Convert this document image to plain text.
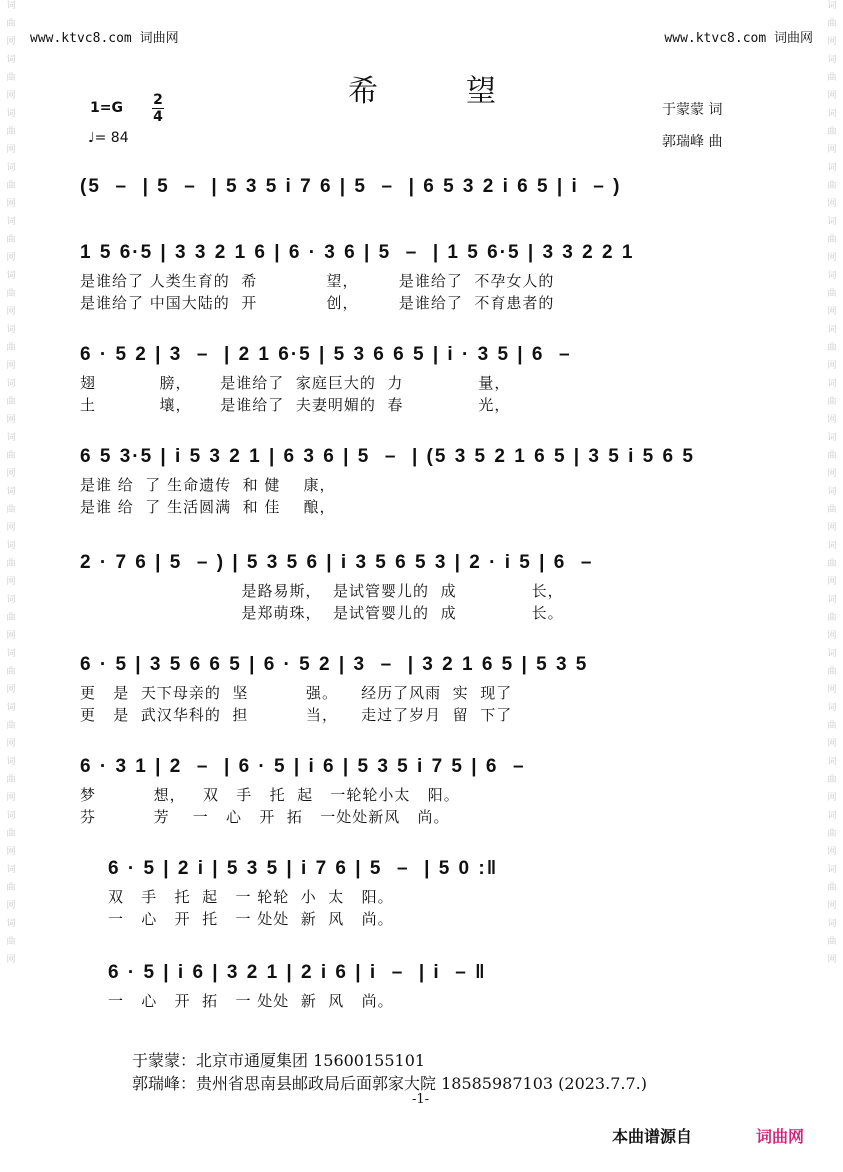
词
曲
网
词
曲
网
词
曲
网
词
曲
网
词
曲
网
词
曲
网
词
曲
网
词
曲
网
词
曲
网
词
曲
网
词
曲
网
词
曲
网
词
曲
网
词
曲
网
词
曲
网
词
曲
网
词
曲
网
词
曲
网
词
曲
网
词
曲
网
词
曲
网
词
曲
网
词
曲
网
词
曲
网
词
曲
网
词
曲
网
词
曲
网
词
曲
网
词
曲
网
词
曲
网
词
曲
网
词
曲
网
词
曲
网
词
曲
网
词
曲
网
词
曲
网
www.ktvc8.com 词曲网	www.ktvc8.com 词曲网
希望
1=G 2
4
♩= 84
于蒙蒙 词
郭瑞峰 曲
(5  –  | 5  –  | 5 3 5 i 7 6 | 5  –  | 6 5 3 2 i 6 5 | i  – )
1 5 6·5 | 3 3 2 1 6 | 6 · 3 6 | 5  –  | 1 5 6·5 | 3 3 2 2 1
是谁给了 人类生育的  希            望，       是谁给了  不孕女人的
是谁给了 中国大陆的  开            创，       是谁给了  不育患者的
6 · 5 2 | 3  –  | 2 1 6·5 | 5 3 6 6 5 | i · 3 5 | 6  –
翅           膀，     是谁给了  家庭巨大的  力             量，
土           壤，     是谁给了  夫妻明媚的  春             光，
6 5 3·5 | i 5 3 2 1 | 6 3 6 | 5  –  | (5 3 5 2 1 6 5 | 3 5 i 5 6 5
是谁 给  了 生命遗传  和 健    康，
是谁 给  了 生活圆满  和 佳    酿，
2 · 7 6 | 5  – ) | 5 3 5 6 | i 3 5 6 5 3 | 2 · i 5 | 6  –
是路易斯，  是试管婴儿的  成             长，
是郑萌珠，  是试管婴儿的  成             长。
6 · 5 | 3 5 6 6 5 | 6 · 5 2 | 3  –  | 3 2 1 6 5 | 5 3 5
更   是  天下母亲的  坚          强。    经历了风雨  实  现了
更   是  武汉华科的  担          当，    走过了岁月  留  下了
6 · 3 1 | 2  –  | 6 · 5 | i 6 | 5 3 5 i 7 5 | 6  –
梦          想，   双   手   托  起   一轮轮小太   阳。
芬          芳    一   心   开  拓   一处处新风   尚。
6 · 5 | 2 i | 5 3 5 | i 7 6 | 5  –  | 5 0 :‖
双   手   托  起   一 轮轮  小  太   阳。
一   心   开  托   一 处处  新  风   尚。
6 · 5 | i 6 | 3 2 1 | 2 i 6 | i  –  | i  – ‖
一   心   开  拓   一 处处  新  风   尚。
于蒙蒙：北京市通厦集团 15600155101
郭瑞峰：贵州省思南县邮政局后面郭家大院 18585987103 (2023.7.7.)
-1-
本曲谱源自	词曲网
